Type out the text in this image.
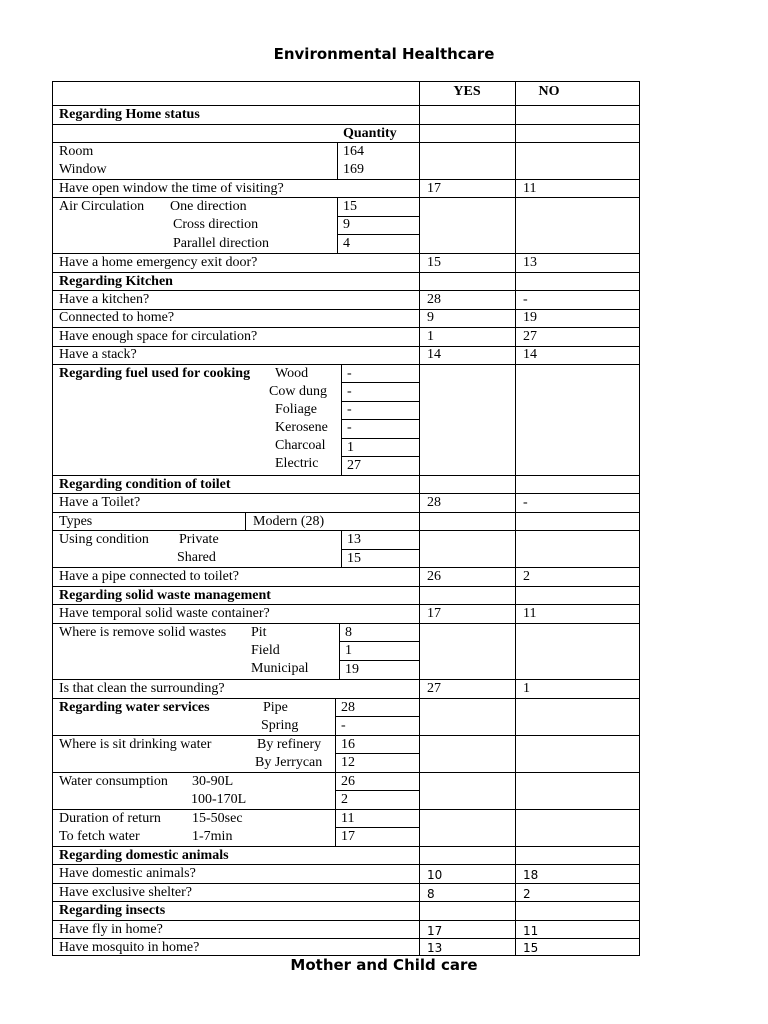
Environmental Healthcare
YES	NO
Regarding Home status
Quantity
Room	164
Window	169
Have open window the time of visiting?	17	11
Air Circulation One direction	15
Cross direction	9
Parallel direction	4
Have a home emergency exit door?	15	13
Regarding Kitchen
Have a kitchen?	28	-
Connected to home?	9	19
Have enough space for circulation?	1	27
Have a stack?	14	14
Regarding fuel used for cooking Wood	-
Cow dung -
Foliage -
Kerosene -
Charcoal 1
Electric 27
Regarding condition of toilet
Have a Toilet?	28	-
Types	Modern (28)
Using condition Private	13
Shared	15
Have a pipe connected to toilet?	26	2
Regarding solid waste management
Have temporal solid waste container?	17	11
Where is remove solid wastes Pit	8
Field	1
Municipal	19
Is that clean the surrounding?	27	1
Regarding water services	Pipe	28
Spring	-
Where is sit drinking water	By refinery 16
By Jerrycan 12
Water consumption 30-90L	26
100-170L	2
Duration of return 15-50sec	11
To fetch water	1-7min	17
Regarding domestic animals
Have domestic animals?	10	18
Have exclusive shelter?	8	2
Regarding insects
Have fly in home?	17	11
Have mosquito in home?	13	15
Mother and Child care
